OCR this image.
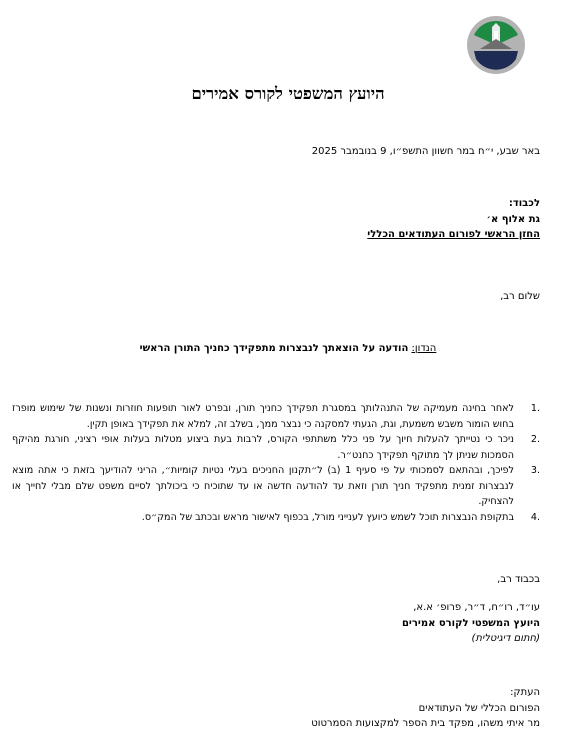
היועץ המשפטי לקורס אמירים
באר שבע, י״ח במר חשוון התשפ״ו, 9 בנובמבר 2025
לכבוד:
גת אלוף א׳
החזן הראשי לפורום העתודאים הכללי
שלום רב,
הנדון: הודעה על הוצאתך לנבצרות מתפקידך כחניך התורן הראשי
.1
לאחר בחינה מעמיקה של התנהלותך במסגרת תפקידך כחניך תורן, ובפרט לאור תופעות חוזרות ונשנות של שימוש מופרז בחוש הומור משבש משמעת, וגת, הגעתי למסקנה כי נבצר ממך, בשלב זה, למלא את תפקידך באופן תקין.
.2
ניכר כי נטייתך להעלות חיוך על פני כלל משתתפי הקורס, לרבות בעת ביצוע מטלות בעלות אופי רציני, חורגת מהיקף הסמכות שניתן לך מתוקף תפקידך כחנט״ר.
.3
לפיכך, ובהתאם לסמכותי על פי סעיף 1 (ב) ל״תקנון החניכים בעלי נטיות קומיות״, הריני להודיעך בזאת כי אתה מוצא לנבצרות זמנית מתפקיד חניך תורן וזאת עד להודעה חדשה או עד שתוכיח כי ביכולתך לסיים משפט שלם מבלי לחייך או להצחיק.
.4
בתקופת הנבצרות תוכל לשמש כיועץ לענייני מורל, בכפוף לאישור מראש ובכתב של המק״ס.
בכבוד רב,
עו״ד, רו״ח, ד״ר, פרופ׳ א.א,
היועץ המשפטי לקורס אמירים
(חתום דיגיטלית)
העתק:
הפורום הכללי של העתודאים
מר איתי משהו, מפקד בית הספר למקצועות הסמרטוט
